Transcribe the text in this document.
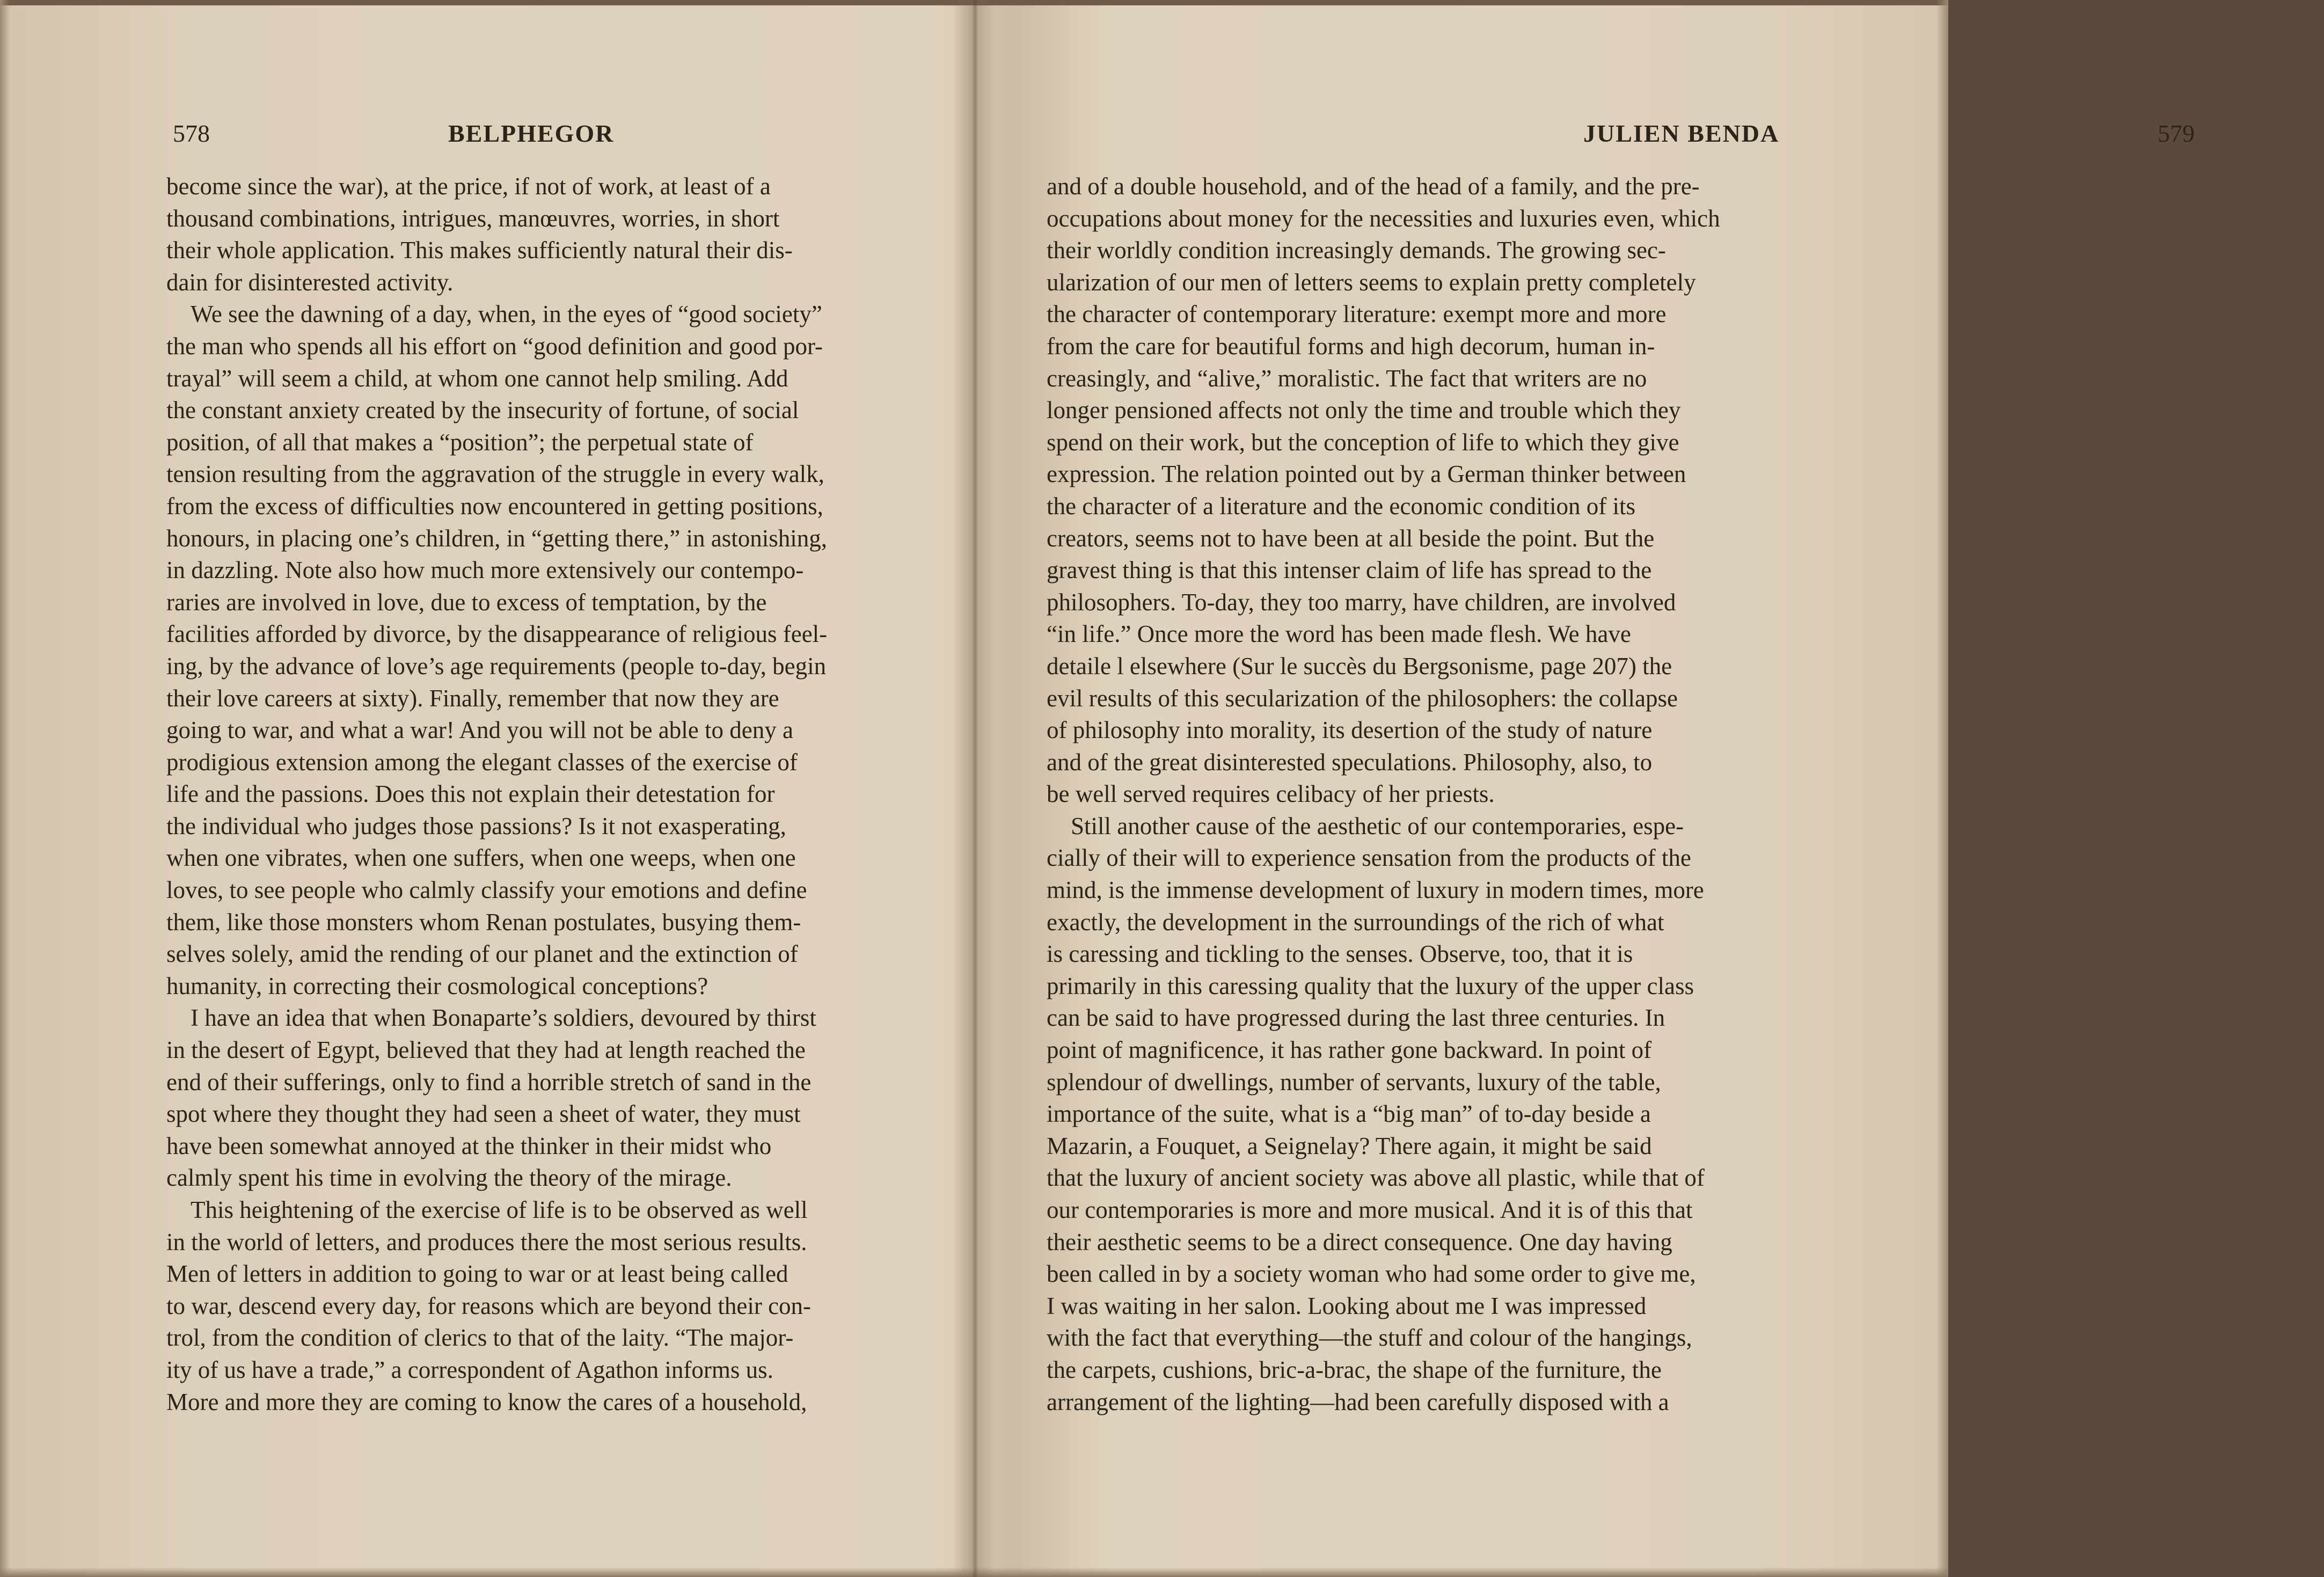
578	BELPHEGOR
become since the war), at the price, if not of work, at least of a
thousand combinations, intrigues, manœuvres, worries, in short
their whole application. This makes sufficiently natural their dis-
dain for disinterested activity.
We see the dawning of a day, when, in the eyes of “good society”
the man who spends all his effort on “good definition and good por-
trayal” will seem a child, at whom one cannot help smiling. Add
the constant anxiety created by the insecurity of fortune, of social
position, of all that makes a “position”; the perpetual state of
tension resulting from the aggravation of the struggle in every walk,
from the excess of difficulties now encountered in getting positions,
honours, in placing one’s children, in “getting there,” in astonishing,
in dazzling. Note also how much more extensively our contempo-
raries are involved in love, due to excess of temptation, by the
facilities afforded by divorce, by the disappearance of religious feel-
ing, by the advance of love’s age requirements (people to-day, begin
their love careers at sixty). Finally, remember that now they are
going to war, and what a war! And you will not be able to deny a
prodigious extension among the elegant classes of the exercise of
life and the passions. Does this not explain their detestation for
the individual who judges those passions? Is it not exasperating,
when one vibrates, when one suffers, when one weeps, when one
loves, to see people who calmly classify your emotions and define
them, like those monsters whom Renan postulates, busying them-
selves solely, amid the rending of our planet and the extinction of
humanity, in correcting their cosmological conceptions?
I have an idea that when Bonaparte’s soldiers, devoured by thirst
in the desert of Egypt, believed that they had at length reached the
end of their sufferings, only to find a horrible stretch of sand in the
spot where they thought they had seen a sheet of water, they must
have been somewhat annoyed at the thinker in their midst who
calmly spent his time in evolving the theory of the mirage.
This heightening of the exercise of life is to be observed as well
in the world of letters, and produces there the most serious results.
Men of letters in addition to going to war or at least being called
to war, descend every day, for reasons which are beyond their con-
trol, from the condition of clerics to that of the laity. “The major-
ity of us have a trade,” a correspondent of Agathon informs us.
More and more they are coming to know the cares of a household,
JULIEN BENDA	579
and of a double household, and of the head of a family, and the pre-
occupations about money for the necessities and luxuries even, which
their worldly condition increasingly demands. The growing sec-
ularization of our men of letters seems to explain pretty completely
the character of contemporary literature: exempt more and more
from the care for beautiful forms and high decorum, human in-
creasingly, and “alive,” moralistic. The fact that writers are no
longer pensioned affects not only the time and trouble which they
spend on their work, but the conception of life to which they give
expression. The relation pointed out by a German thinker between
the character of a literature and the economic condition of its
creators, seems not to have been at all beside the point. But the
gravest thing is that this intenser claim of life has spread to the
philosophers. To-day, they too marry, have children, are involved
“in life.” Once more the word has been made flesh. We have
detaile l elsewhere (Sur le succès du Bergsonisme, page 207) the
evil results of this secularization of the philosophers: the collapse
of philosophy into morality, its desertion of the study of nature
and of the great disinterested speculations. Philosophy, also, to
be well served requires celibacy of her priests.
Still another cause of the aesthetic of our contemporaries, espe-
cially of their will to experience sensation from the products of the
mind, is the immense development of luxury in modern times, more
exactly, the development in the surroundings of the rich of what
is caressing and tickling to the senses. Observe, too, that it is
primarily in this caressing quality that the luxury of the upper class
can be said to have progressed during the last three centuries. In
point of magnificence, it has rather gone backward. In point of
splendour of dwellings, number of servants, luxury of the table,
importance of the suite, what is a “big man” of to-day beside a
Mazarin, a Fouquet, a Seignelay? There again, it might be said
that the luxury of ancient society was above all plastic, while that of
our contemporaries is more and more musical. And it is of this that
their aesthetic seems to be a direct consequence. One day having
been called in by a society woman who had some order to give me,
I was waiting in her salon. Looking about me I was impressed
with the fact that everything—the stuff and colour of the hangings,
the carpets, cushions, bric-a-brac, the shape of the furniture, the
arrangement of the lighting—had been carefully disposed with a
